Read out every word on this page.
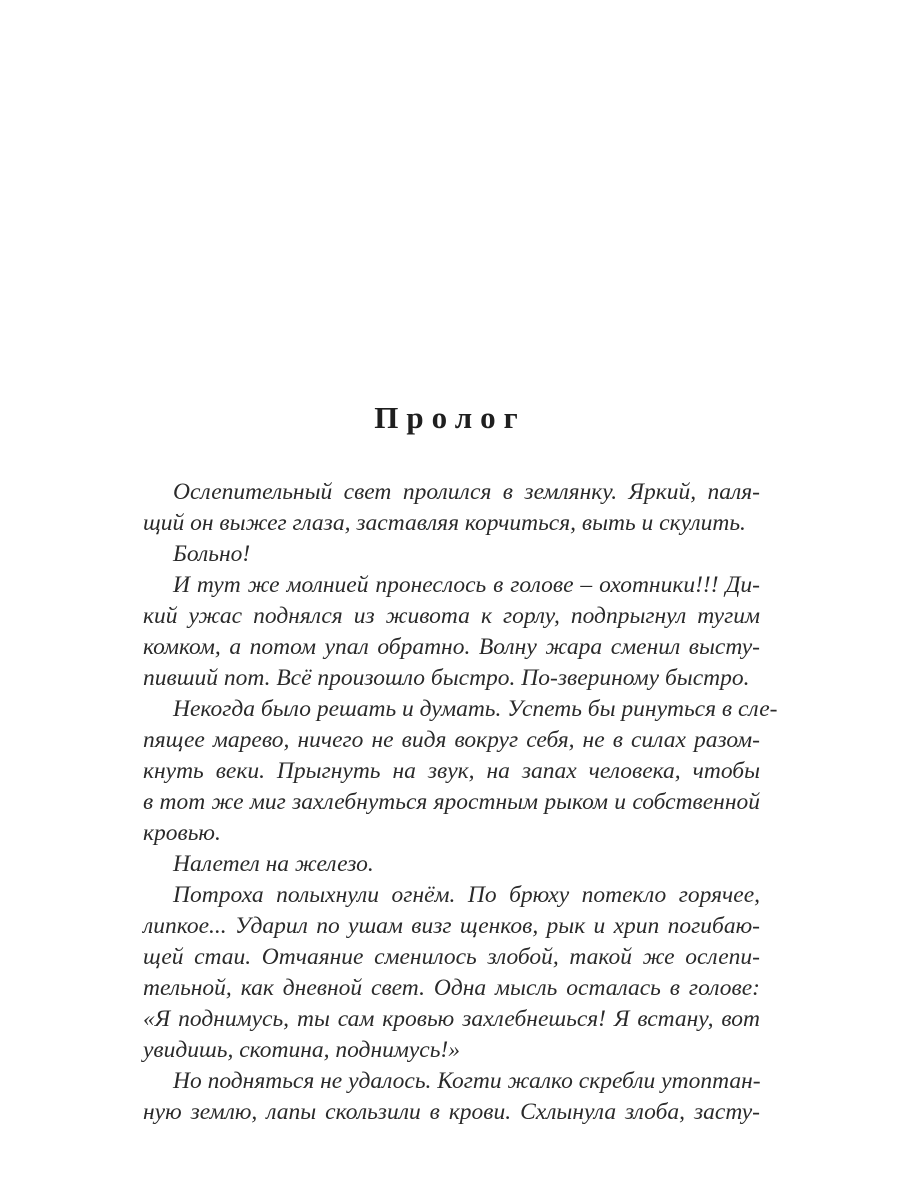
Пролог
Ослепительный свет пролился в землянку. Яркий, паля-
щий он выжег глаза, заставляя корчиться, выть и скулить.
Больно!
И тут же молнией пронеслось в голове – охотники!!! Ди-
кий ужас поднялся из живота к горлу, подпрыгнул тугим
комком, а потом упал обратно. Волну жара сменил высту-
пивший пот. Всё произошло быстро. По-звериному быстро.
Некогда было решать и думать. Успеть бы ринуться в сле-
пящее марево, ничего не видя вокруг себя, не в силах разом-
кнуть веки. Прыгнуть на звук, на запах человека, чтобы
в тот же миг захлебнуться яростным рыком и собственной
кровью.
Налетел на железо.
Потроха полыхнули огнём. По брюху потекло горячее,
липкое... Ударил по ушам визг щенков, рык и хрип погибаю-
щей стаи. Отчаяние сменилось злобой, такой же ослепи-
тельной, как дневной свет. Одна мысль осталась в голове:
«Я поднимусь, ты сам кровью захлебнешься! Я встану, вот
увидишь, скотина, поднимусь!»
Но подняться не удалось. Когти жалко скребли утоптан-
ную землю, лапы скользили в крови. Схлынула злоба, засту-
